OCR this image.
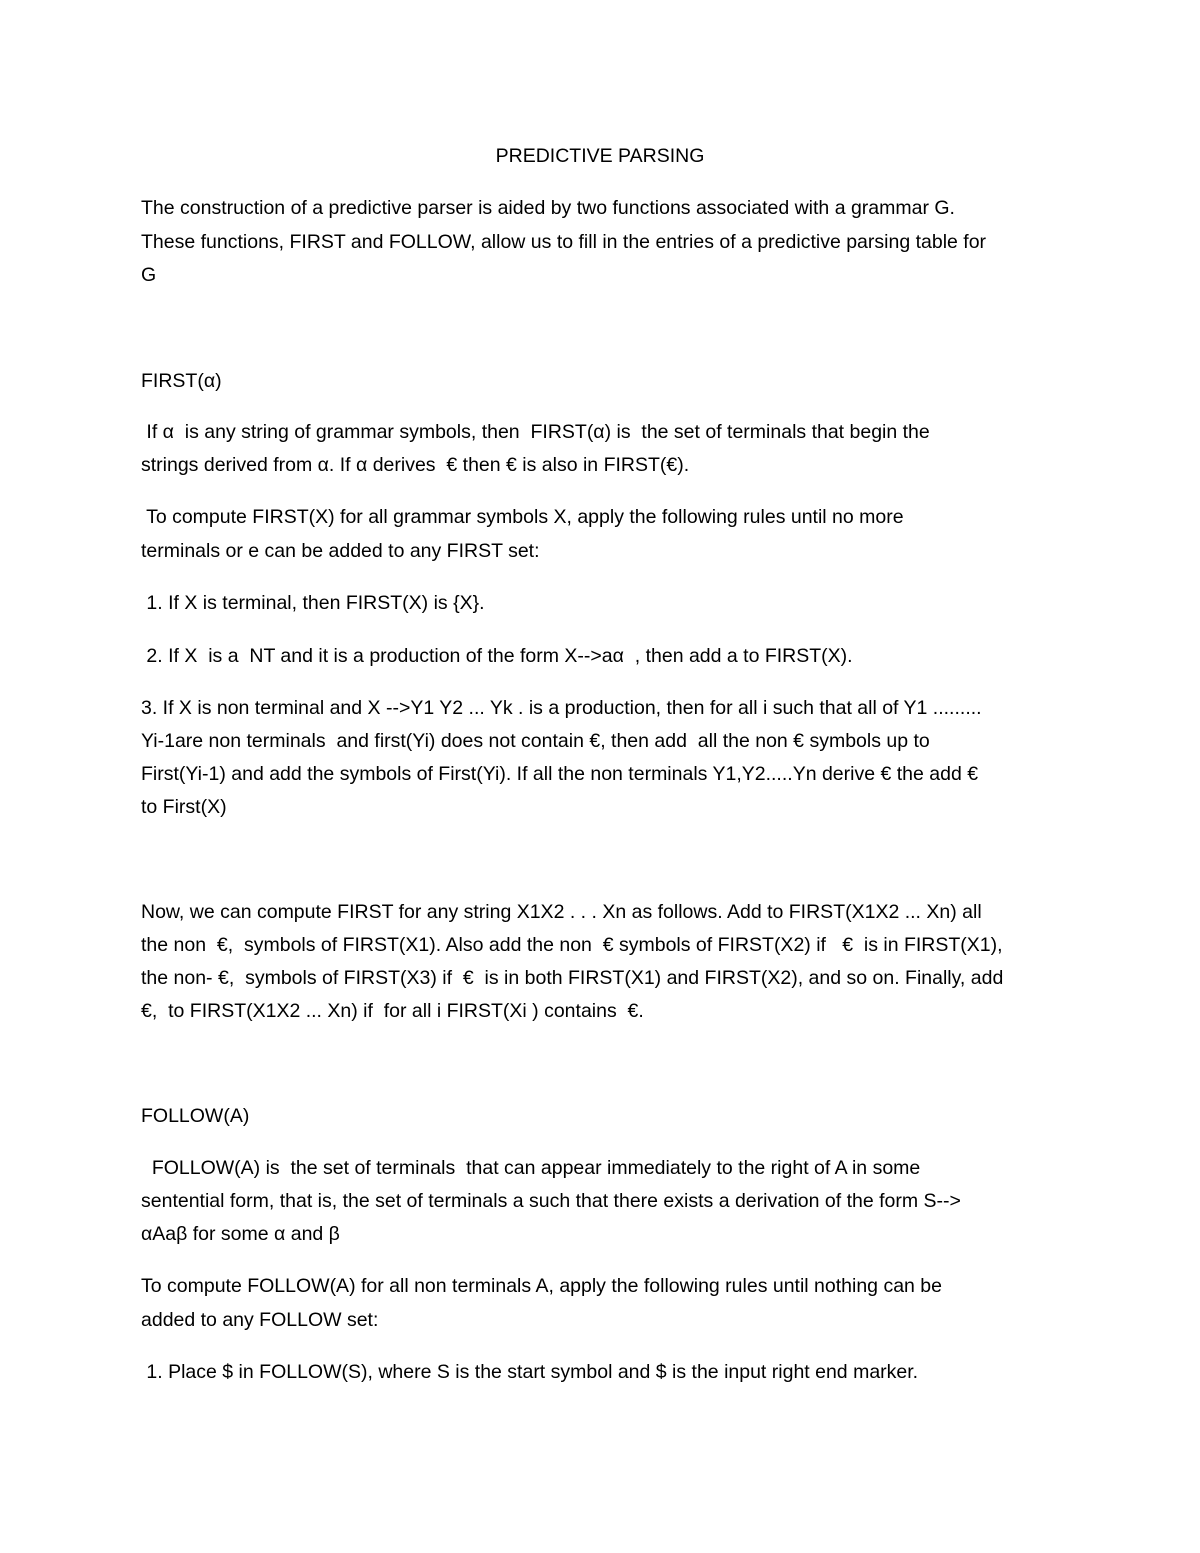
PREDICTIVE PARSING
The construction of a predictive parser is aided by two functions associated with a grammar G.
These functions, FIRST and FOLLOW, allow us to fill in the entries of a predictive parsing table for
G
FIRST(α)
If α  is any string of grammar symbols, then  FIRST(α) is  the set of terminals that begin the
strings derived from α. If α derives  € then € is also in FIRST(€).
To compute FIRST(X) for all grammar symbols X, apply the following rules until no more
terminals or e can be added to any FIRST set:
1. If X is terminal, then FIRST(X) is {X}.
2. If X  is a  NT and it is a production of the form X-->aα  , then add a to FIRST(X).
3. If X is non terminal and X -->Y1 Y2 ... Yk . is a production, then for all i such that all of Y1 .........
Yi-1are non terminals  and first(Yi) does not contain €, then add  all the non € symbols up to
First(Yi-1) and add the symbols of First(Yi). If all the non terminals Y1,Y2.....Yn derive € the add €
to First(X)
Now, we can compute FIRST for any string X1X2 . . . Xn as follows. Add to FIRST(X1X2 ... Xn) all
the non  €,  symbols of FIRST(X1). Also add the non  € symbols of FIRST(X2) if   €  is in FIRST(X1),
the non- €,  symbols of FIRST(X3) if  €  is in both FIRST(X1) and FIRST(X2), and so on. Finally, add
€,  to FIRST(X1X2 ... Xn) if  for all i FIRST(Xi ) contains  €.
FOLLOW(A)
FOLLOW(A) is  the set of terminals  that can appear immediately to the right of A in some
sentential form, that is, the set of terminals a such that there exists a derivation of the form S-->
αAaβ for some α and β
To compute FOLLOW(A) for all non terminals A, apply the following rules until nothing can be
added to any FOLLOW set:
1. Place $ in FOLLOW(S), where S is the start symbol and $ is the input right end marker.
